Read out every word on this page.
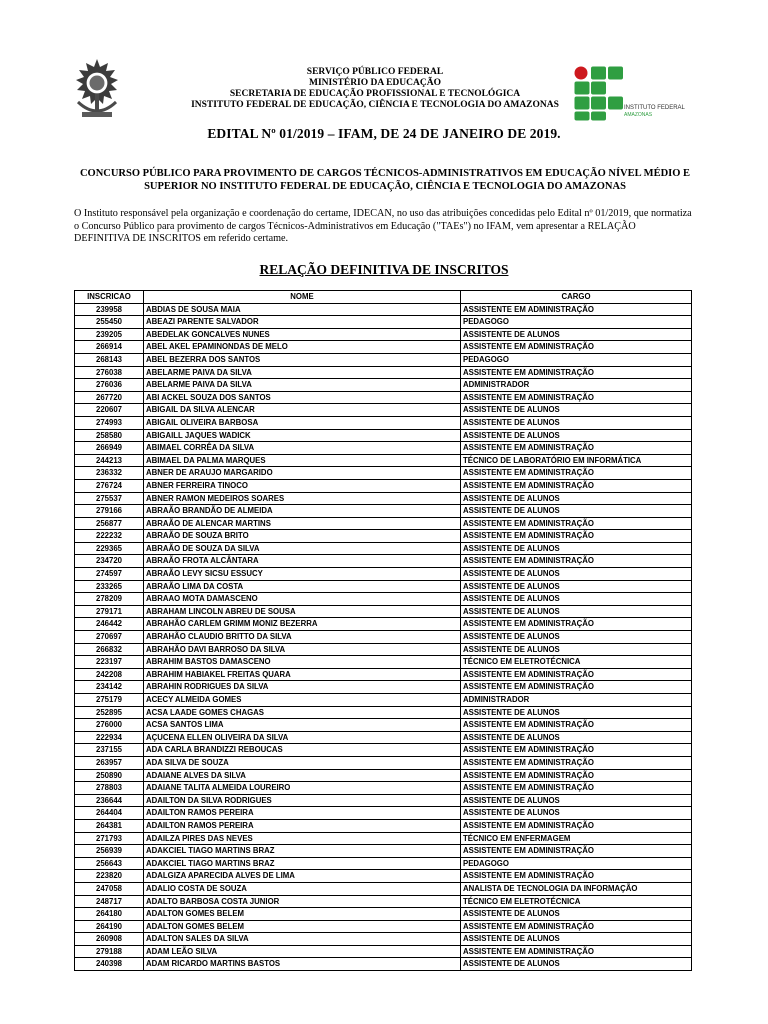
SERVIÇO PÚBLICO FEDERAL
MINISTÉRIO DA EDUCAÇÃO
SECRETARIA DE EDUCAÇÃO PROFISSIONAL E TECNOLÓGICA
INSTITUTO FEDERAL DE EDUCAÇÃO, CIÊNCIA E TECNOLOGIA DO AMAZONAS	INSTITUTO FEDERAL
AMAZONAS
EDITAL Nº 01/2019 – IFAM, DE 24 DE JANEIRO DE 2019.
CONCURSO PÚBLICO PARA PROVIMENTO DE CARGOS TÉCNICOS-ADMINISTRATIVOS EM EDUCAÇÃO NÍVEL MÉDIO E SUPERIOR NO INSTITUTO FEDERAL DE EDUCAÇÃO, CIÊNCIA E TECNOLOGIA DO AMAZONAS
O Instituto responsável pela organização e coordenação do certame, IDECAN, no uso das atribuições concedidas pelo Edital nº 01/2019, que normatiza o Concurso Público para provimento de cargos Técnicos-Administrativos em Educação ("TAEs") no IFAM, vem apresentar a RELAÇÃO DEFINITIVA DE INSCRITOS em referido certame.
RELAÇÃO DEFINITIVA DE INSCRITOS
INSCRICAO	NOME	CARGO
239958	ABDIAS DE SOUSA MAIA	ASSISTENTE EM ADMINISTRAÇÃO
255450	ABEAZI PARENTE SALVADOR	PEDAGOGO
239205	ABEDELAK GONCALVES NUNES	ASSISTENTE DE ALUNOS
266914	ABEL AKEL EPAMINONDAS DE MELO	ASSISTENTE EM ADMINISTRAÇÃO
268143	ABEL BEZERRA DOS SANTOS	PEDAGOGO
276038	ABELARME PAIVA DA SILVA	ASSISTENTE EM ADMINISTRAÇÃO
276036	ABELARME PAIVA DA SILVA	ADMINISTRADOR
267720	ABI ACKEL SOUZA DOS SANTOS	ASSISTENTE EM ADMINISTRAÇÃO
220607	ABIGAIL DA SILVA ALENCAR	ASSISTENTE DE ALUNOS
274993	ABIGAIL OLIVEIRA BARBOSA	ASSISTENTE DE ALUNOS
258580	ABIGAILL JAQUES WADICK	ASSISTENTE DE ALUNOS
266949	ABIMAEL CORRÊA DA SILVA	ASSISTENTE EM ADMINISTRAÇÃO
244213	ABIMAEL DA PALMA MARQUES	TÉCNICO DE LABORATÓRIO EM INFORMÁTICA
236332	ABNER DE ARAUJO MARGARIDO	ASSISTENTE EM ADMINISTRAÇÃO
276724	ABNER FERREIRA TINOCO	ASSISTENTE EM ADMINISTRAÇÃO
275537	ABNER RAMON MEDEIROS SOARES	ASSISTENTE DE ALUNOS
279166	ABRAÃO BRANDÃO DE ALMEIDA	ASSISTENTE DE ALUNOS
256877	ABRAÃO DE ALENCAR MARTINS	ASSISTENTE EM ADMINISTRAÇÃO
222232	ABRAÃO DE SOUZA BRITO	ASSISTENTE EM ADMINISTRAÇÃO
229365	ABRAÃO DE SOUZA DA SILVA	ASSISTENTE DE ALUNOS
234720	ABRAÃO FROTA ALCÂNTARA	ASSISTENTE EM ADMINISTRAÇÃO
274597	ABRAÃO LEVY SICSU ESSUCY	ASSISTENTE DE ALUNOS
233265	ABRAÃO LIMA DA COSTA	ASSISTENTE DE ALUNOS
278209	ABRAAO MOTA DAMASCENO	ASSISTENTE DE ALUNOS
279171	ABRAHAM LINCOLN ABREU DE SOUSA	ASSISTENTE DE ALUNOS
246442	ABRAHÃO CARLEM GRIMM MONIZ BEZERRA	ASSISTENTE EM ADMINISTRAÇÃO
270697	ABRAHÃO CLAUDIO BRITTO DA SILVA	ASSISTENTE DE ALUNOS
266832	ABRAHÃO DAVI BARROSO DA SILVA	ASSISTENTE DE ALUNOS
223197	ABRAHIM BASTOS DAMASCENO	TÉCNICO EM ELETROTÉCNICA
242208	ABRAHIM HABIAKEL FREITAS QUARA	ASSISTENTE EM ADMINISTRAÇÃO
234142	ABRAHIN RODRIGUES DA SILVA	ASSISTENTE EM ADMINISTRAÇÃO
275179	ACECY ALMEIDA GOMES	ADMINISTRADOR
252895	ACSA LAADE GOMES CHAGAS	ASSISTENTE DE ALUNOS
276000	ACSA SANTOS LIMA	ASSISTENTE EM ADMINISTRAÇÃO
222934	AÇUCENA ELLEN OLIVEIRA DA SILVA	ASSISTENTE DE ALUNOS
237155	ADA CARLA BRANDIZZI REBOUCAS	ASSISTENTE EM ADMINISTRAÇÃO
263957	ADA SILVA DE SOUZA	ASSISTENTE EM ADMINISTRAÇÃO
250890	ADAIANE ALVES DA SILVA	ASSISTENTE EM ADMINISTRAÇÃO
278803	ADAIANE TALITA ALMEIDA LOUREIRO	ASSISTENTE EM ADMINISTRAÇÃO
236644	ADAILTON DA SILVA RODRIGUES	ASSISTENTE DE ALUNOS
264404	ADAILTON RAMOS PEREIRA	ASSISTENTE DE ALUNOS
264381	ADAILTON RAMOS PEREIRA	ASSISTENTE EM ADMINISTRAÇÃO
271793	ADAILZA PIRES DAS NEVES	TÉCNICO EM ENFERMAGEM
256939	ADAKCIEL TIAGO MARTINS BRAZ	ASSISTENTE EM ADMINISTRAÇÃO
256643	ADAKCIEL TIAGO MARTINS BRAZ	PEDAGOGO
223820	ADALGIZA APARECIDA ALVES DE LIMA	ASSISTENTE EM ADMINISTRAÇÃO
247058	ADALIO COSTA DE SOUZA	ANALISTA DE TECNOLOGIA DA INFORMAÇÃO
248717	ADALTO BARBOSA COSTA JUNIOR	TÉCNICO EM ELETROTÉCNICA
264180	ADALTON GOMES BELEM	ASSISTENTE DE ALUNOS
264190	ADALTON GOMES BELEM	ASSISTENTE EM ADMINISTRAÇÃO
260908	ADALTON SALES DA SILVA	ASSISTENTE DE ALUNOS
279188	ADAM LEÃO SILVA	ASSISTENTE EM ADMINISTRAÇÃO
240398	ADAM RICARDO MARTINS BASTOS	ASSISTENTE DE ALUNOS
